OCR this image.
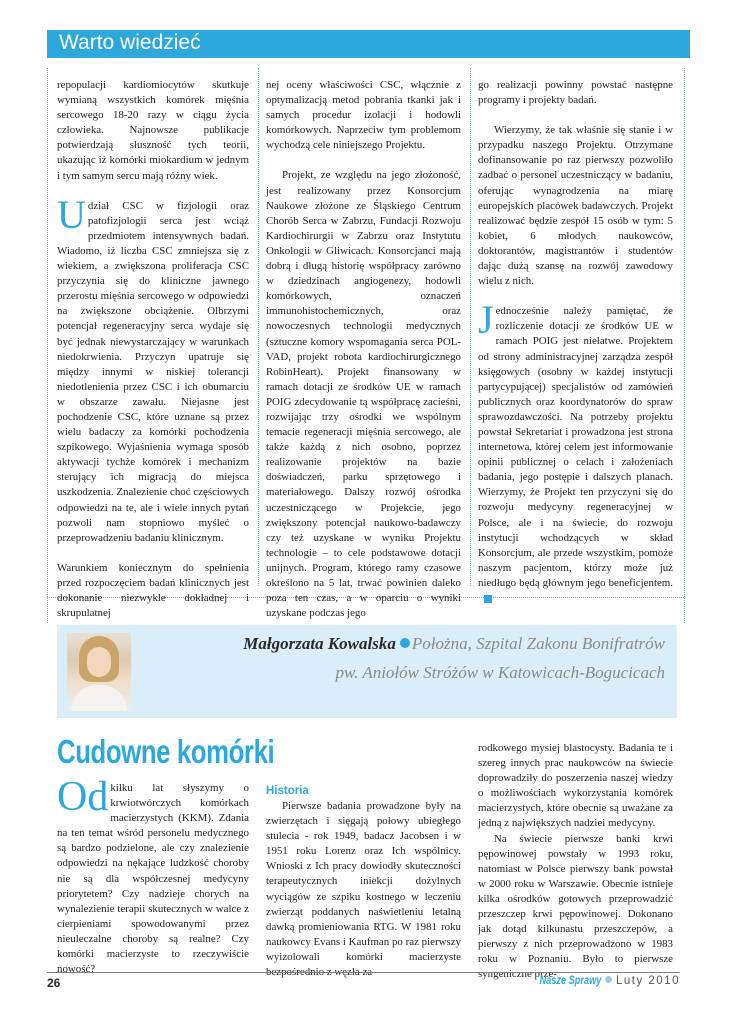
Warto wiedzieć

repopulacji kardiomiocytów skutkuje wymianą wszystkich komórek mięśnia sercowego 18-20 razy w ciągu życia człowieka. Najnowsze publikacje potwierdzają słuszność tych teorii, ukazując iż komórki miokardium w jednym i tym samym sercu mają różny wiek.

Udział CSC w fizjologii oraz patofizjologii serca jest wciąż przedmiotem intensywnych badań. Wiadomo, iż liczba CSC zmniejsza się z wiekiem, a zwiększona proliferacja CSC przyczynia się do kliniczne jawnego przerostu mięśnia sercowego w odpowiedzi na zwiększone obciążenie. Olbrzymi potencjał regeneracyjny serca wydaje się być jednak niewystarczający w warunkach niedokrwienia. Przyczyn upatruje się między innymi w niskiej tolerancji niedotlenienia przez CSC i ich obumarciu w obszarze zawału. Niejasne jest pochodzenie CSC, które uznane są przez wielu badaczy za komórki pochodzenia szpikowego. Wyjaśnienia wymaga sposób aktywacji tychże komórek i mechanizm sterujący ich migracją do miejsca uszkodzenia. Znalezienie choć częściowych odpowiedzi na te, ale i wiele innych pytań pozwoli nam stopniowo myśleć o przeprowadzeniu badaniu klinicznym.

Warunkiem koniecznym do spełnienia przed rozpoczęciem badań klinicznych jest dokonanie niezwykle dokładnej i skrupulatnej

nej oceny właściwości CSC, włącznie z optymalizacją metod pobrania tkanki jak i samych procedur izolacji i hodowli komórkowych. Naprzeciw tym problemom wychodzą cele niniejszego Projektu.

Projekt, ze względu na jego złożoność, jest realizowany przez Konsorcjum Naukowe złożone ze Śląskiego Centrum Chorób Serca w Zabrzu, Fundacji Rozwoju Kardiochirurgii w Zabrzu oraz Instytutu Onkologii w Gliwicach. Konsorcjanci mają dobrą i długą historię współpracy zarówno w dziedzinach angiogenezy, hodowli komórkowych, oznaczeń immunohistochemicznych, oraz nowoczesnych technologii medycznych (sztuczne komory wspomagania serca POL-VAD, projekt robota kardiochirurgicznego RobinHeart). Projekt finansowany w ramach dotacji ze środków UE w ramach POIG zdecydowanie tą współpracę zacieśni, rozwijając trzy ośrodki we wspólnym temacie regeneracji mięśnia sercowego, ale także każdą z nich osobno, poprzez realizowanie projektów na bazie doświadczeń, parku sprzętowego i materiałowego. Dalszy rozwój ośrodka uczestniczącego w Projekcie, jego zwiększony potencjał naukowo-badawczy czy też uzyskane w wyniku Projektu technologie – to cele podstawowe dotacji unijnych. Program, którego ramy czasowe określono na 5 lat, trwać powinien daleko poza ten czas, a w oparciu o wyniki uzyskane podczas jego

go realizacji powinny powstać następne programy i projekty badań.

Wierzymy, że tak właśnie się stanie i w przypadku naszego Projektu. Otrzymane dofinansowanie po raz pierwszy pozwoliło zadbać o personel uczestniczący w badaniu, oferując wynagrodzenia na miarę europejskich placówek badawczych. Projekt realizować będzie zespół 15 osób w tym: 5 kobiet, 6 młodych naukowców, doktorantów, magistrantów i studentów dając dużą szansę na rozwój zawodowy wielu z nich.

Jednocześnie należy pamiętać, że rozliczenie dotacji ze środków UE w ramach POIG jest niełatwe. Projektem od strony administracyjnej zarządza zespół księgowych (osobny w każdej instytucji partycypującej) specjalistów od zamówień publicznych oraz koordynatorów do spraw sprawozdawczości. Na potrzeby projektu powstał Sekretariat i prowadzona jest strona internetowa, której celem jest informowanie opinii publicznej o celach i założeniach badania, jego postępie i dalszych planach. Wierzymy, że Projekt ten przyczyni się do rozwoju medycyny regeneracyjnej w Polsce, ale i na świecie, do rozwoju instytucji wchodzących w skład Konsorcjum, ale przede wszystkim, pomoże naszym pacjentom, którzy może już niedługo będą głównym jego beneficjentem.

Małgorzata Kowalska Położna, Szpital Zakonu Bonifratrów
pw. Aniołów Stróżów w Katowicach-Bogucicach
Cudowne komórki

Od kilku lat słyszymy o krwiotwórczych komórkach macierzystych (KKM). Zdania na ten temat wśród personelu medycznego są bardzo podzielone, ale czy znalezienie odpowiedzi na nękające ludzkość choroby nie są dla współczesnej medycyny priorytetem? Czy nadzieje chorych na wynalezienie terapii skutecznych w walce z cierpieniami spowodowanymi przez nieuleczalne choroby są realne? Czy komórki macierzyste to rzeczywiście nowość?

Historia

Pierwsze badania prowadzone były na zwierzętach i sięgają połowy ubiegłego stulecia - rok 1949, badacz Jacobsen i w 1951 roku Lorenz oraz Ich wspólnicy. Wnioski z Ich pracy dowiodły skuteczności terapeutycznych iniekcji dożylnych wyciągów ze szpiku kostnego w leczeniu zwierząt poddanych naświetleniu letalną dawką promieniowania RTG. W 1981 roku naukowcy Evans i Kaufman po raz pierwszy wyizolowali komórki macierzyste bezpośrednio z węzła za-

rodkowego mysiej blastocysty. Badania te i szereg innych prac naukowców na świecie doprowadziły do poszerzenia naszej wiedzy o możliwościach wykorzystania komórek macierzystych, które obecnie są uważane za jedną z największych nadziei medycyny.

Na świecie pierwsze banki krwi pępowinowej powstały w 1993 roku, natomiast w Polsce pierwszy bank powstał w 2000 roku w Warszawie. Obecnie istnieje kilka ośrodków gotowych przeprowadzić przeszczep krwi pępowinowej. Dokonano jak dotąd kilkunastu przeszczepów, a pierwszy z nich przeprowadzono w 1983 roku w Poznaniu. Było to pierwsze syngeniczne prze-

26	Nasze Sprawy Luty 2010
